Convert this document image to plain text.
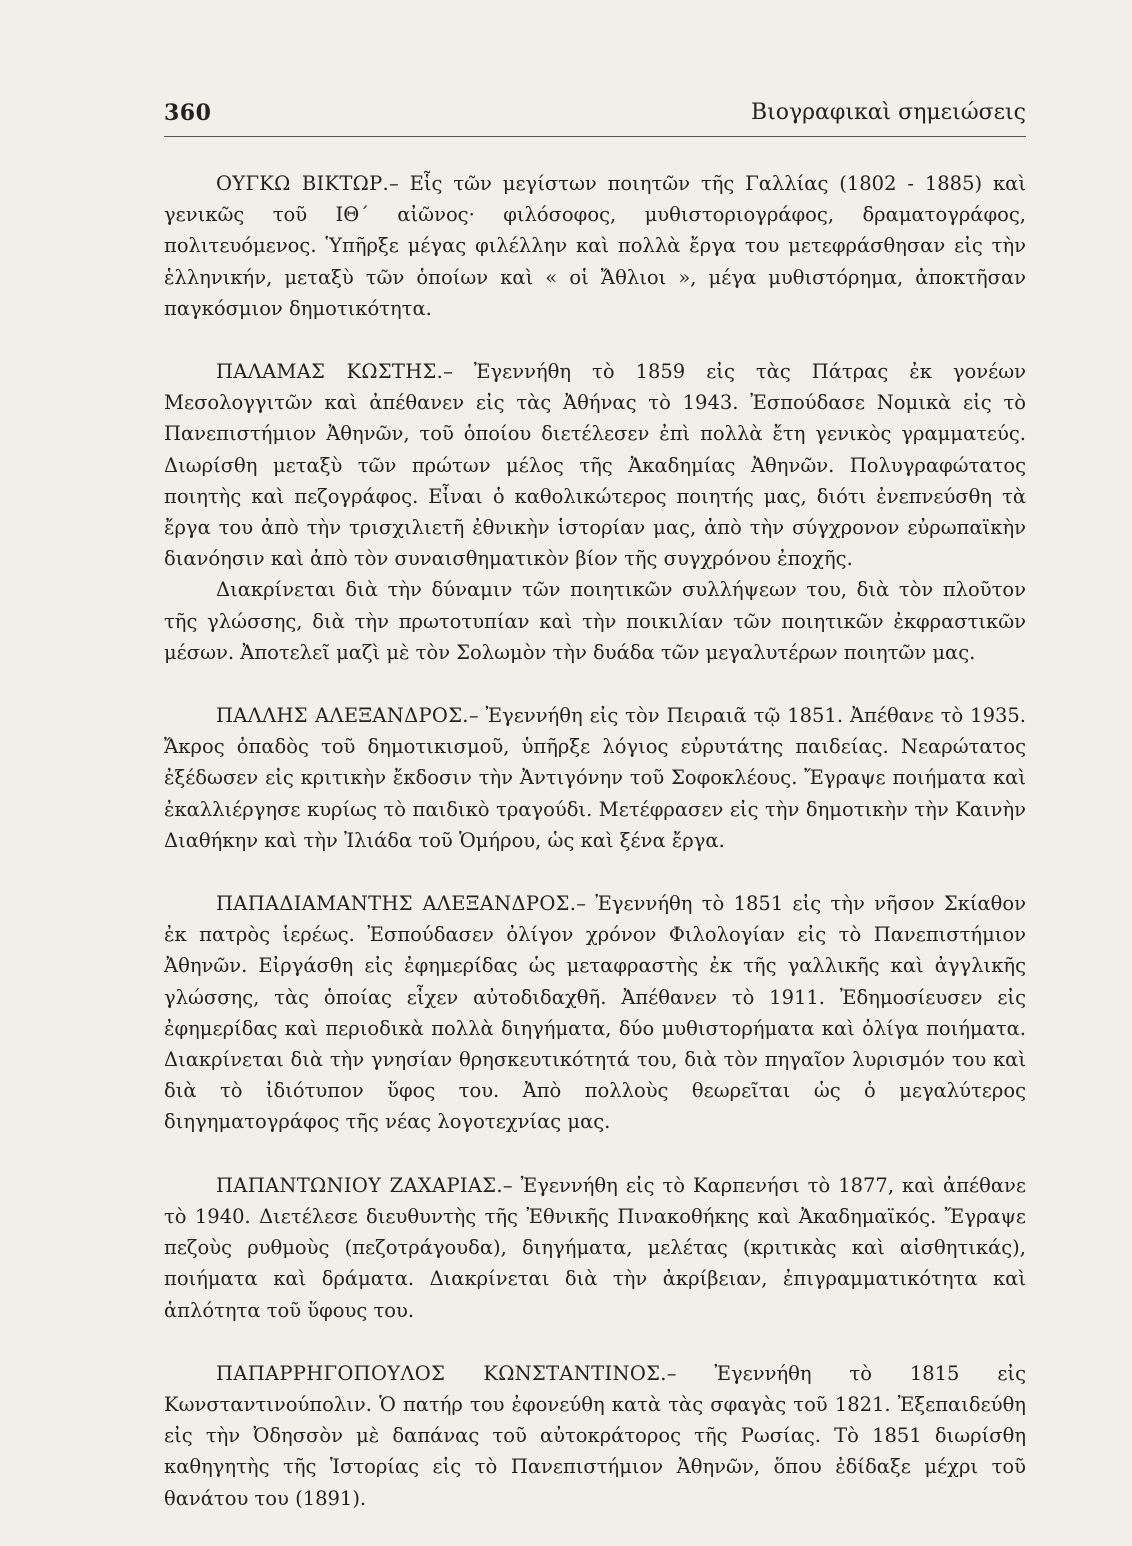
360	Βιογραφικαὶ σημειώσεις

ΟΥΓΚΩ ΒΙΚΤΩΡ.– Εἷς τῶν μεγίστων ποιητῶν τῆς Γαλλίας (1802 - 1885) καὶ γενικῶς τοῦ ΙΘ΄ αἰῶνος· φιλόσοφος, μυθιστοριογράφος, δραματογράφος, πολιτευόμενος. Ὑπῆρξε μέγας φιλέλλην καὶ πολλὰ ἔργα του μετεφράσθησαν εἰς τὴν ἑλληνικήν, μεταξὺ τῶν ὁποίων καὶ « οἱ Ἄθλιοι », μέγα μυθιστόρημα, ἀποκτῆσαν παγκόσμιον δημοτικότητα.

ΠΑΛΑΜΑΣ ΚΩΣΤΗΣ.– Ἐγεννήθη τὸ 1859 εἰς τὰς Πάτρας ἐκ γονέων Μεσολογγιτῶν καὶ ἀπέθανεν εἰς τὰς Ἀθήνας τὸ 1943. Ἐσπούδασε Νομικὰ εἰς τὸ Πανεπιστήμιον Ἀθηνῶν, τοῦ ὁποίου διετέλεσεν ἐπὶ πολλὰ ἔτη γενικὸς γραμματεύς. Διωρίσθη μεταξὺ τῶν πρώτων μέλος τῆς Ἀκαδημίας Ἀθηνῶν. Πολυγραφώτατος ποιητὴς καὶ πεζογράφος. Εἶναι ὁ καθολικώτερος ποιητής μας, διότι ἐνεπνεύσθη τὰ ἔργα του ἀπὸ τὴν τρισχιλιετῆ ἐθνικὴν ἱστορίαν μας, ἀπὸ τὴν σύγχρονον εὐρωπαϊκὴν διανόησιν καὶ ἀπὸ τὸν συναισθηματικὸν βίον τῆς συγχρόνου ἐποχῆς.

Διακρίνεται διὰ τὴν δύναμιν τῶν ποιητικῶν συλλήψεων του, διὰ τὸν πλοῦτον τῆς γλώσσης, διὰ τὴν πρωτοτυπίαν καὶ τὴν ποικιλίαν τῶν ποιητικῶν ἐκφραστικῶν μέσων. Ἀποτελεῖ μαζὶ μὲ τὸν Σολωμὸν τὴν δυάδα τῶν μεγαλυτέρων ποιητῶν μας.

ΠΑΛΛΗΣ ΑΛΕΞΑΝΔΡΟΣ.– Ἐγεννήθη εἰς τὸν Πειραιᾶ τῷ 1851. Ἀπέθανε τὸ 1935. Ἄκρος ὀπαδὸς τοῦ δημοτικισμοῦ, ὑπῆρξε λόγιος εὐρυτάτης παιδείας. Νεαρώτατος ἐξέδωσεν εἰς κριτικὴν ἔκδοσιν τὴν Ἀντιγόνην τοῦ Σοφοκλέους. Ἔγραψε ποιήματα καὶ ἐκαλλιέργησε κυρίως τὸ παιδικὸ τραγούδι. Μετέφρασεν εἰς τὴν δημοτικὴν τὴν Καινὴν Διαθήκην καὶ τὴν Ἰλιάδα τοῦ Ὁμήρου, ὡς καὶ ξένα ἔργα.

ΠΑΠΑΔΙΑΜΑΝΤΗΣ ΑΛΕΞΑΝΔΡΟΣ.– Ἐγεννήθη τὸ 1851 εἰς τὴν νῆσον Σκίαθον ἐκ πατρὸς ἱερέως. Ἐσπούδασεν ὀλίγον χρόνον Φιλολογίαν εἰς τὸ Πανεπιστήμιον Ἀθηνῶν. Εἰργάσθη εἰς ἐφημερίδας ὡς μεταφραστὴς ἐκ τῆς γαλλικῆς καὶ ἀγγλικῆς γλώσσης, τὰς ὁποίας εἶχεν αὐτοδιδαχθῆ. Ἀπέθανεν τὸ 1911. Ἐδημοσίευσεν εἰς ἐφημερίδας καὶ περιοδικὰ πολλὰ διηγήματα, δύο μυθιστορήματα καὶ ὀλίγα ποιήματα. Διακρίνεται διὰ τὴν γνησίαν θρησκευτικότητά του, διὰ τὸν πηγαῖον λυρισμόν του καὶ διὰ τὸ ἰδιότυπον ὕφος του. Ἀπὸ πολλοὺς θεωρεῖται ὡς ὁ μεγαλύτερος διηγηματογράφος τῆς νέας λογοτεχνίας μας.

ΠΑΠΑΝΤΩΝΙΟΥ ΖΑΧΑΡΙΑΣ.– Ἐγεννήθη εἰς τὸ Καρπενήσι τὸ 1877, καὶ ἀπέθανε τὸ 1940. Διετέλεσε διευθυντὴς τῆς Ἐθνικῆς Πινακοθήκης καὶ Ἀκαδημαϊκός. Ἔγραψε πεζοὺς ρυθμοὺς (πεζοτράγουδα), διηγήματα, μελέτας (κριτικὰς καὶ αἰσθητικάς), ποιήματα καὶ δράματα. Διακρίνεται διὰ τὴν ἀκρίβειαν, ἐπιγραμματικότητα καὶ ἁπλότητα τοῦ ὕφους του.

ΠΑΠΑΡΡΗΓΟΠΟΥΛΟΣ ΚΩΝΣΤΑΝΤΙΝΟΣ.– Ἐγεννήθη τὸ 1815 εἰς Κωνσταντινούπολιν. Ὁ πατήρ του ἐφονεύθη κατὰ τὰς σφαγὰς τοῦ 1821. Ἐξεπαιδεύθη εἰς τὴν Ὀδησσὸν μὲ δαπάνας τοῦ αὐτοκράτορος τῆς Ρωσίας. Τὸ 1851 διωρίσθη καθηγητὴς τῆς Ἱστορίας εἰς τὸ Πανεπιστήμιον Ἀθηνῶν, ὅπου ἐδίδαξε μέχρι τοῦ θανάτου του (1891).
